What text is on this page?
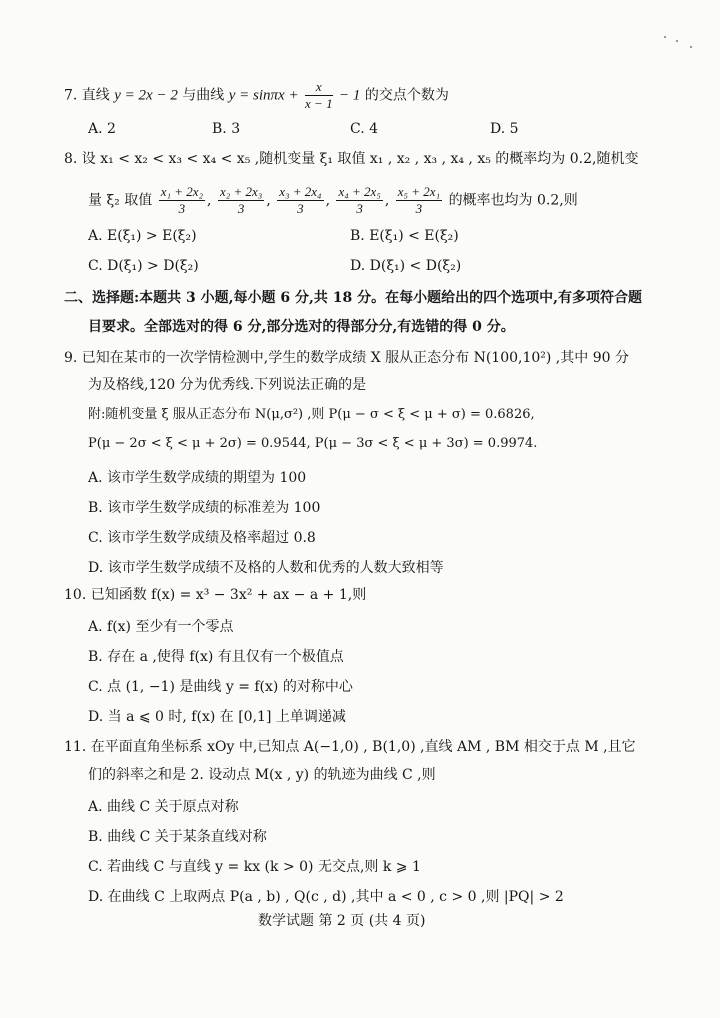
7. 直线 y = 2x − 2 与曲线 $y = \sin\pi x + \frac{x}{x - 1} - 1$ 的交点个数为
A. 2	B. 3	C. 4	D. 5
8. 设 x₁ < x₂ < x₃ < x₄ < x₅ ,随机变量 ξ₁ 取值 x₁ , x₂ , x₃ , x₄ , x₅ 的概率均为 0.2,随机变
量 ξ₂ 取值 $\frac{\text{x₁ + 2x₂}}{3}$ , $\frac{\text{x₂ + 2x₃}}{3}$ , $\frac{\text{x₃ + 2x₄}}{3}$ , $\frac{\text{x₄ + 2x₅}}{3}$ , $\frac{\text{x₅ + 2x₁}}{3}$ 的概率也均为 0.2,则
A. E(ξ₁) > E(ξ₂)	B. E(ξ₁) < E(ξ₂)
C. D(ξ₁) > D(ξ₂)	D. D(ξ₁) < D(ξ₂)
二、选择题:本题共 3 小题,每小题 6 分,共 18 分。在每小题给出的四个选项中,有多项符合题
目要求。全部选对的得 6 分,部分选对的得部分分,有选错的得 0 分。
9. 已知在某市的一次学情检测中,学生的数学成绩 X 服从正态分布 N(100,10²) ,其中 90 分
为及格线,120 分为优秀线.下列说法正确的是
附:随机变量 ξ 服从正态分布 N(μ,σ²) ,则 P(μ − σ < ξ < μ + σ) = 0.6826,
P(μ − 2σ < ξ < μ + 2σ) = 0.9544, P(μ − 3σ < ξ < μ + 3σ) = 0.9974.
A. 该市学生数学成绩的期望为 100
B. 该市学生数学成绩的标准差为 100
C. 该市学生数学成绩及格率超过 0.8
D. 该市学生数学成绩不及格的人数和优秀的人数大致相等
10. 已知函数 f(x) = x³ − 3x² + ax − a + 1,则
A. f(x) 至少有一个零点
B. 存在 a ,使得 f(x) 有且仅有一个极值点
C. 点 (1, −1) 是曲线 y = f(x) 的对称中心
D. 当 a ⩽ 0 时, f(x) 在 [0,1] 上单调递减
11. 在平面直角坐标系 xOy 中,已知点 A(−1,0) , B(1,0) ,直线 AM , BM 相交于点 M ,且它
们的斜率之和是 2. 设动点 M(x , y) 的轨迹为曲线 C ,则
A. 曲线 C 关于原点对称
B. 曲线 C 关于某条直线对称
C. 若曲线 C 与直线 y = kx (k > 0) 无交点,则 k ⩾ 1
D. 在曲线 C 上取两点 P(a , b) , Q(c , d) ,其中 a < 0 , c > 0 ,则 |PQ| > 2
数学试题 第 2 页 (共 4 页)
